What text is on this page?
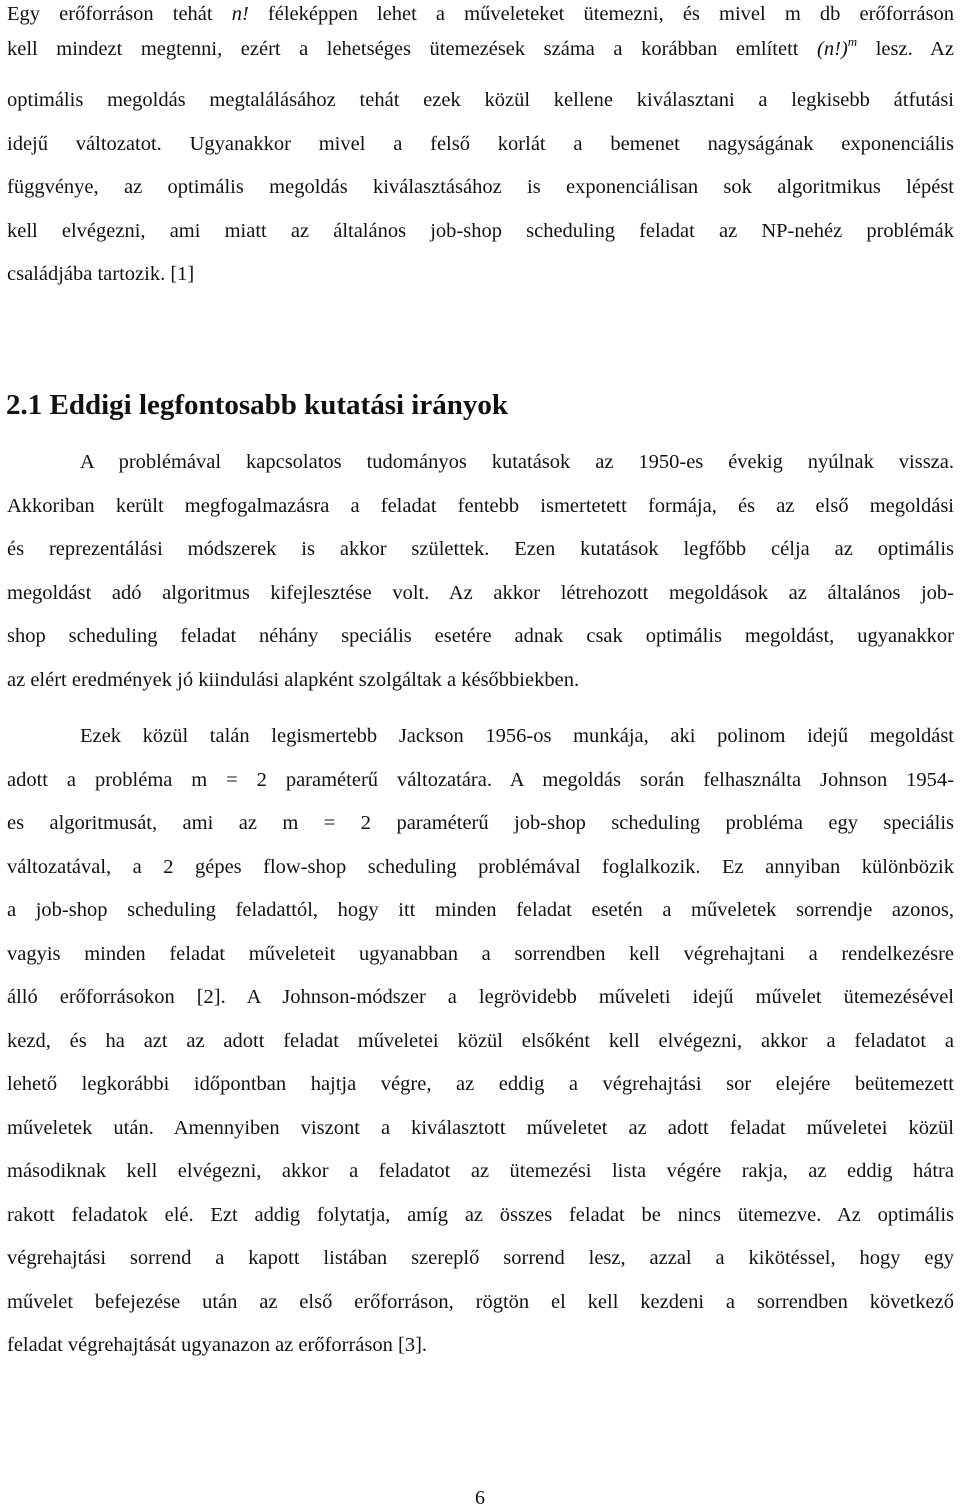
Egy erőforráson tehát n! féleképpen lehet a műveleteket ütemezni, és mivel m db erőforráson
kell mindezt megtenni, ezért a lehetséges ütemezések száma a korábban említett $(n!)^m$ lesz. Az
optimális megoldás megtalálásához tehát ezek közül kellene kiválasztani a legkisebb átfutási
idejű változatot. Ugyanakkor mivel a felső korlát a bemenet nagyságának exponenciális
függvénye, az optimális megoldás kiválasztásához is exponenciálisan sok algoritmikus lépést
kell elvégezni, ami miatt az általános job-shop scheduling feladat az NP-nehéz problémák
családjába tartozik. [1]
2.1 Eddigi legfontosabb kutatási irányok
A problémával kapcsolatos tudományos kutatások az 1950-es évekig nyúlnak vissza.
Akkoriban került megfogalmazásra a feladat fentebb ismertetett formája, és az első megoldási
és reprezentálási módszerek is akkor születtek. Ezen kutatások legfőbb célja az optimális
megoldást adó algoritmus kifejlesztése volt. Az akkor létrehozott megoldások az általános job-
shop scheduling feladat néhány speciális esetére adnak csak optimális megoldást, ugyanakkor
az elért eredmények jó kiindulási alapként szolgáltak a későbbiekben.
Ezek közül talán legismertebb Jackson 1956-os munkája, aki polinom idejű megoldást
adott a probléma m = 2 paraméterű változatára. A megoldás során felhasználta Johnson 1954-
es algoritmusát, ami az m = 2 paraméterű job-shop scheduling probléma egy speciális
változatával, a 2 gépes flow-shop scheduling problémával foglalkozik. Ez annyiban különbözik
a job-shop scheduling feladattól, hogy itt minden feladat esetén a műveletek sorrendje azonos,
vagyis minden feladat műveleteit ugyanabban a sorrendben kell végrehajtani a rendelkezésre
álló erőforrásokon [2]. A Johnson-módszer a legrövidebb műveleti idejű művelet ütemezésével
kezd, és ha azt az adott feladat műveletei közül elsőként kell elvégezni, akkor a feladatot a
lehető legkorábbi időpontban hajtja végre, az eddig a végrehajtási sor elejére beütemezett
műveletek után. Amennyiben viszont a kiválasztott műveletet az adott feladat műveletei közül
másodiknak kell elvégezni, akkor a feladatot az ütemezési lista végére rakja, az eddig hátra
rakott feladatok elé. Ezt addig folytatja, amíg az összes feladat be nincs ütemezve. Az optimális
végrehajtási sorrend a kapott listában szereplő sorrend lesz, azzal a kikötéssel, hogy egy
művelet befejezése után az első erőforráson, rögtön el kell kezdeni a sorrendben következő
feladat végrehajtását ugyanazon az erőforráson [3].
6
